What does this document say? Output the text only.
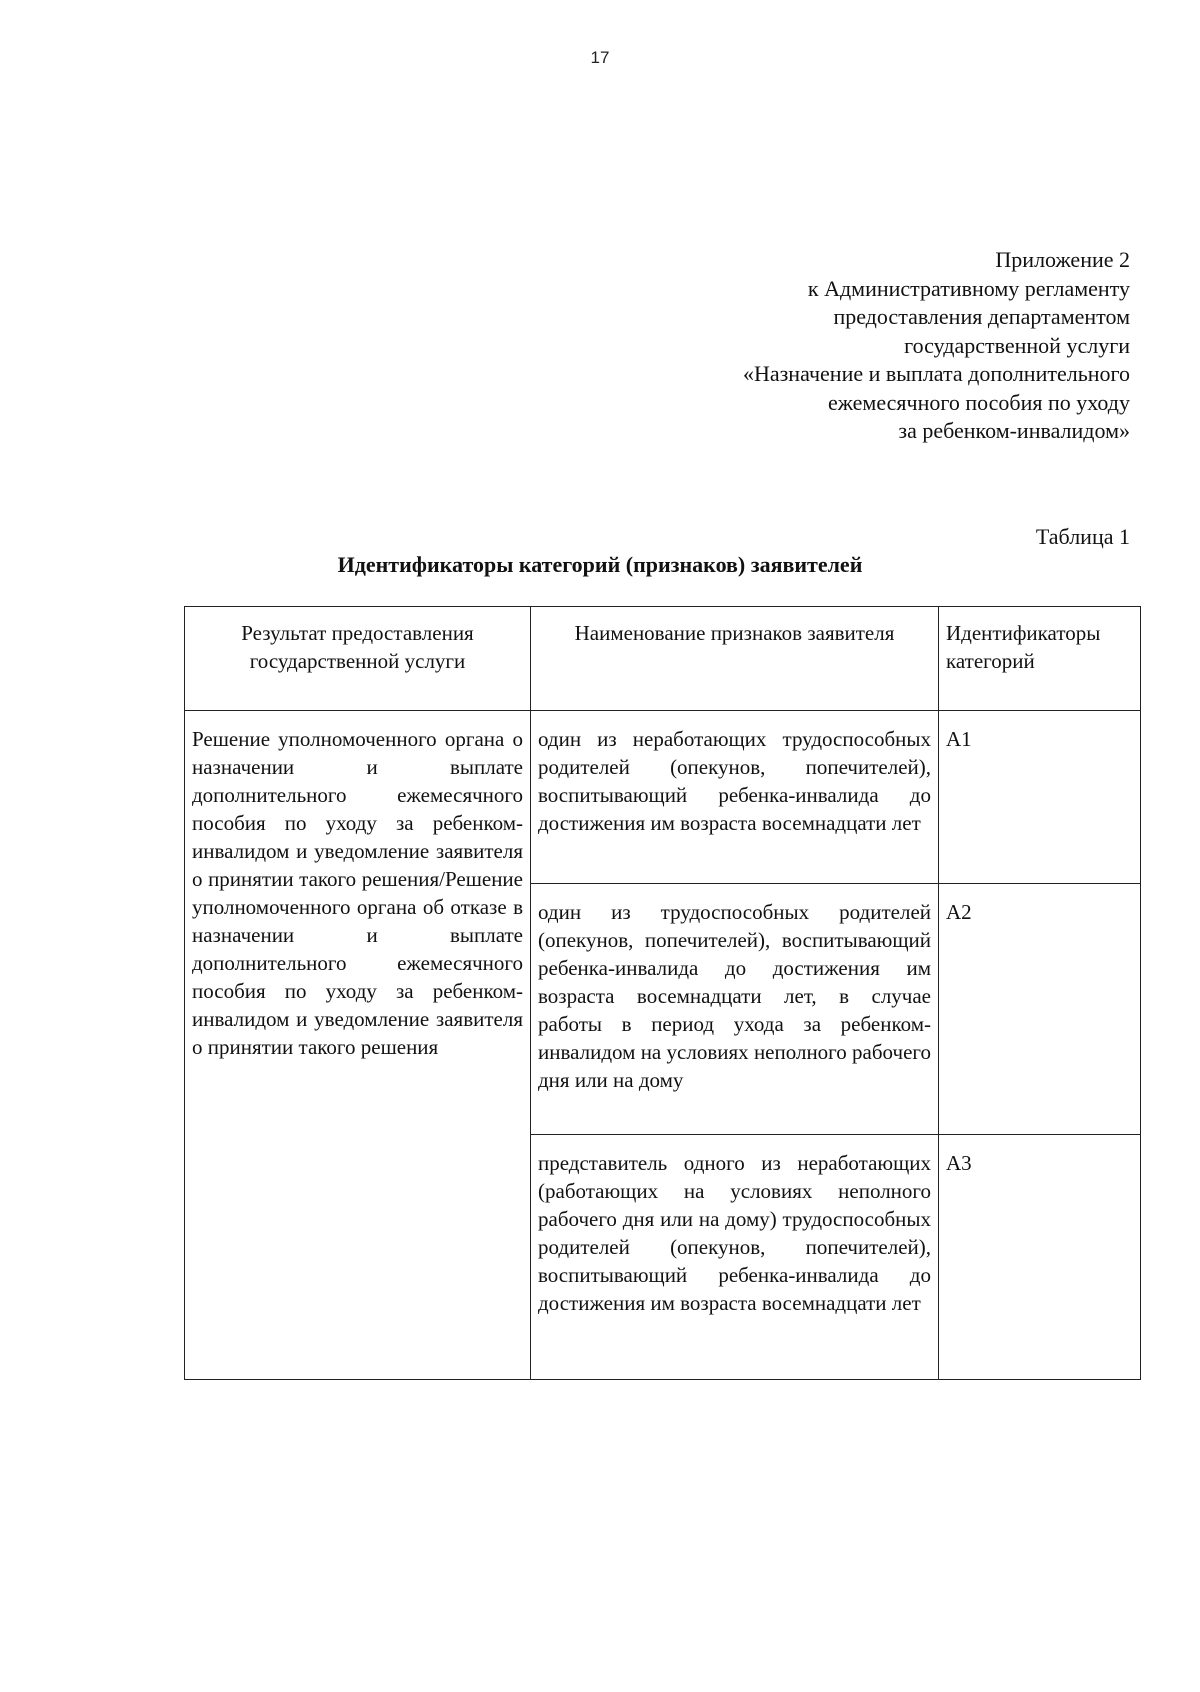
17
Приложение 2
к Административному регламенту
предоставления департаментом
государственной услуги
«Назначение и выплата дополнительного
ежемесячного пособия по уходу
за ребенком-инвалидом»
Таблица 1
Идентификаторы категорий (признаков) заявителей
Результат предоставления государственной услуги	Наименование признаков заявителя	Идентификаторы категорий
Решение уполномоченного органа о назначении и выплате дополнительного ежемесячного пособия по уходу за ребенком-инвалидом и уведомление заявителя о принятии такого решения/Решение уполномоченного органа об отказе в назначении и выплате дополнительного ежемесячного пособия по уходу за ребенком-инвалидом и уведомление заявителя о принятии такого решения	один из неработающих трудоспособных родителей (опекунов, попечителей), воспитывающий ребенка-инвалида до достижения им возраста восемнадцати лет	А1
	один из трудоспособных родителей (опекунов, попечителей), воспитывающий ребенка-инвалида до достижения им возраста восемнадцати лет, в случае работы в период ухода за ребенком-инвалидом на условиях неполного рабочего дня или на дому	А2
	представитель одного из неработающих (работающих на условиях неполного рабочего дня или на дому) трудоспособных родителей (опекунов, попечителей), воспитывающий ребенка-инвалида до достижения им возраста восемнадцати лет	А3
